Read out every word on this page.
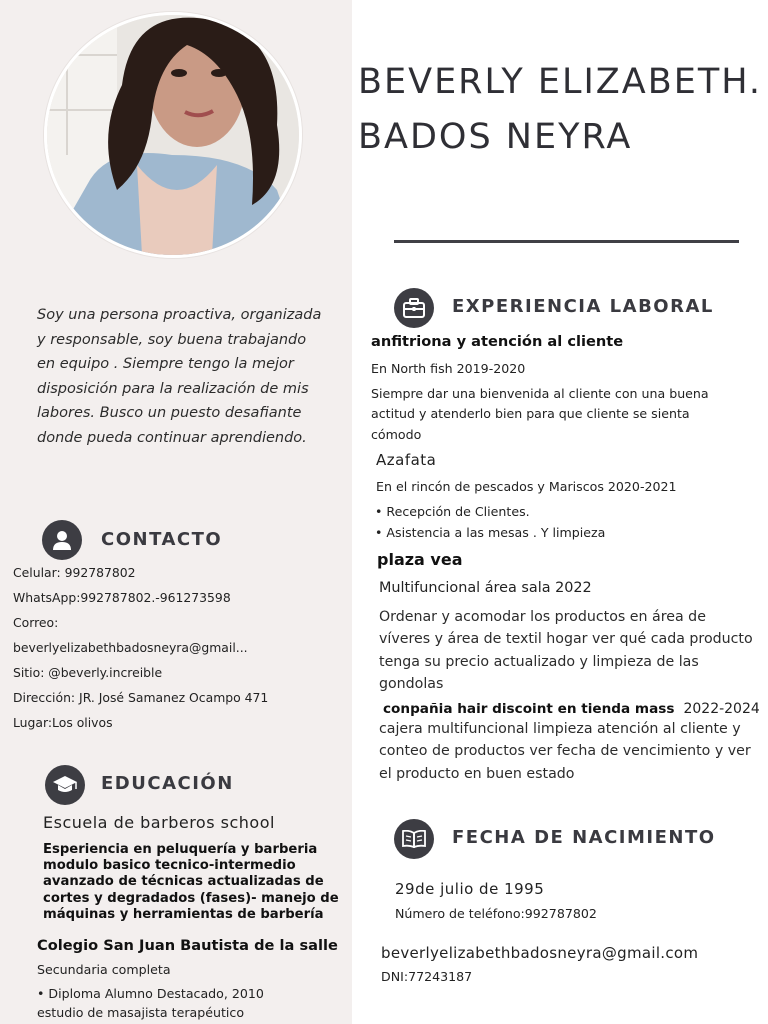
BEVERLY ELIZABETH.
BADOS NEYRA
Soy una persona proactiva, organizada y responsable, soy buena trabajando en equipo . Siempre tengo la mejor disposición para la realización de mis labores. Busco un puesto desafiante donde pueda continuar aprendiendo.
CONTACTO
Celular: 992787802
WhatsApp:992787802.-961273598
Correo:
beverlyelizabethbadosneyra@gmail...
Sitio: @beverly.increible
Dirección: JR. José Samanez Ocampo 471
Lugar:Los olivos
EDUCACIÓN
Escuela de barberos school
Esperiencia en peluquería y barberia modulo basico tecnico-intermedio avanzado de técnicas actualizadas de cortes y degradados (fases)- manejo de máquinas y herramientas de barbería
Colegio San Juan Bautista de la salle
Secundaria completa
• Diploma Alumno Destacado, 2010
estudio de masajista terapéutico
EXPERIENCIA LABORAL
anfitriona y atención al cliente
En North fish 2019-2020
Siempre dar una bienvenida al cliente con una buena actitud y atenderlo bien para que cliente se sienta cómodo
Azafata
En el rincón de pescados y Mariscos 2020-2021
• Recepción de Clientes.
• Asistencia a las mesas . Y limpieza
plaza vea
Multifuncional área sala 2022
Ordenar y acomodar los productos en área de víveres y área de textil hogar ver qué cada producto tenga su precio actualizado y limpieza de las gondolas
conpañia hair discoint en tienda mass 2022-2024
cajera multifuncional limpieza atención al cliente y conteo de productos ver fecha de vencimiento y ver el producto en buen estado
FECHA DE NACIMIENTO
29de julio de 1995
Número de teléfono:992787802
beverlyelizabethbadosneyra@gmail.com
DNI:77243187
